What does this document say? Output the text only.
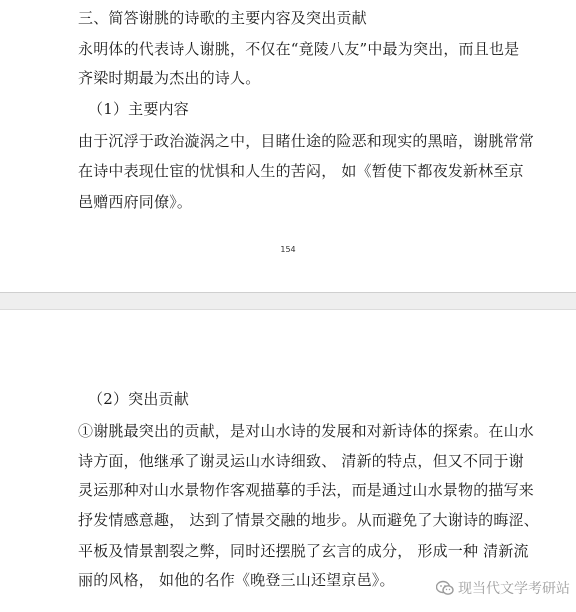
三、简答谢朓的诗歌的主要内容及突出贡献
永明体的代表诗人谢朓，不仅在“竟陵八友”中最为突出，而且也是
齐梁时期最为杰出的诗人。
（1）主要内容
由于沉浮于政治漩涡之中，目睹仕途的险恶和现实的黑暗，谢朓常常
在诗中表现仕宦的忧惧和人生的苦闷， 如《暂使下都夜发新林至京
邑赠西府同僚》。
154
（2）突出贡献
①谢朓最突出的贡献，是对山水诗的发展和对新诗体的探索。在山水
诗方面，他继承了谢灵运山水诗细致、 清新的特点，但又不同于谢
灵运那种对山水景物作客观描摹的手法，而是通过山水景物的描写来
抒发情感意趣， 达到了情景交融的地步。从而避免了大谢诗的晦涩、
平板及情景割裂之弊，同时还摆脱了玄言的成分， 形成一种 清新流
丽的风格， 如他的名作《晚登三山还望京邑》。	现当代文学考研站
